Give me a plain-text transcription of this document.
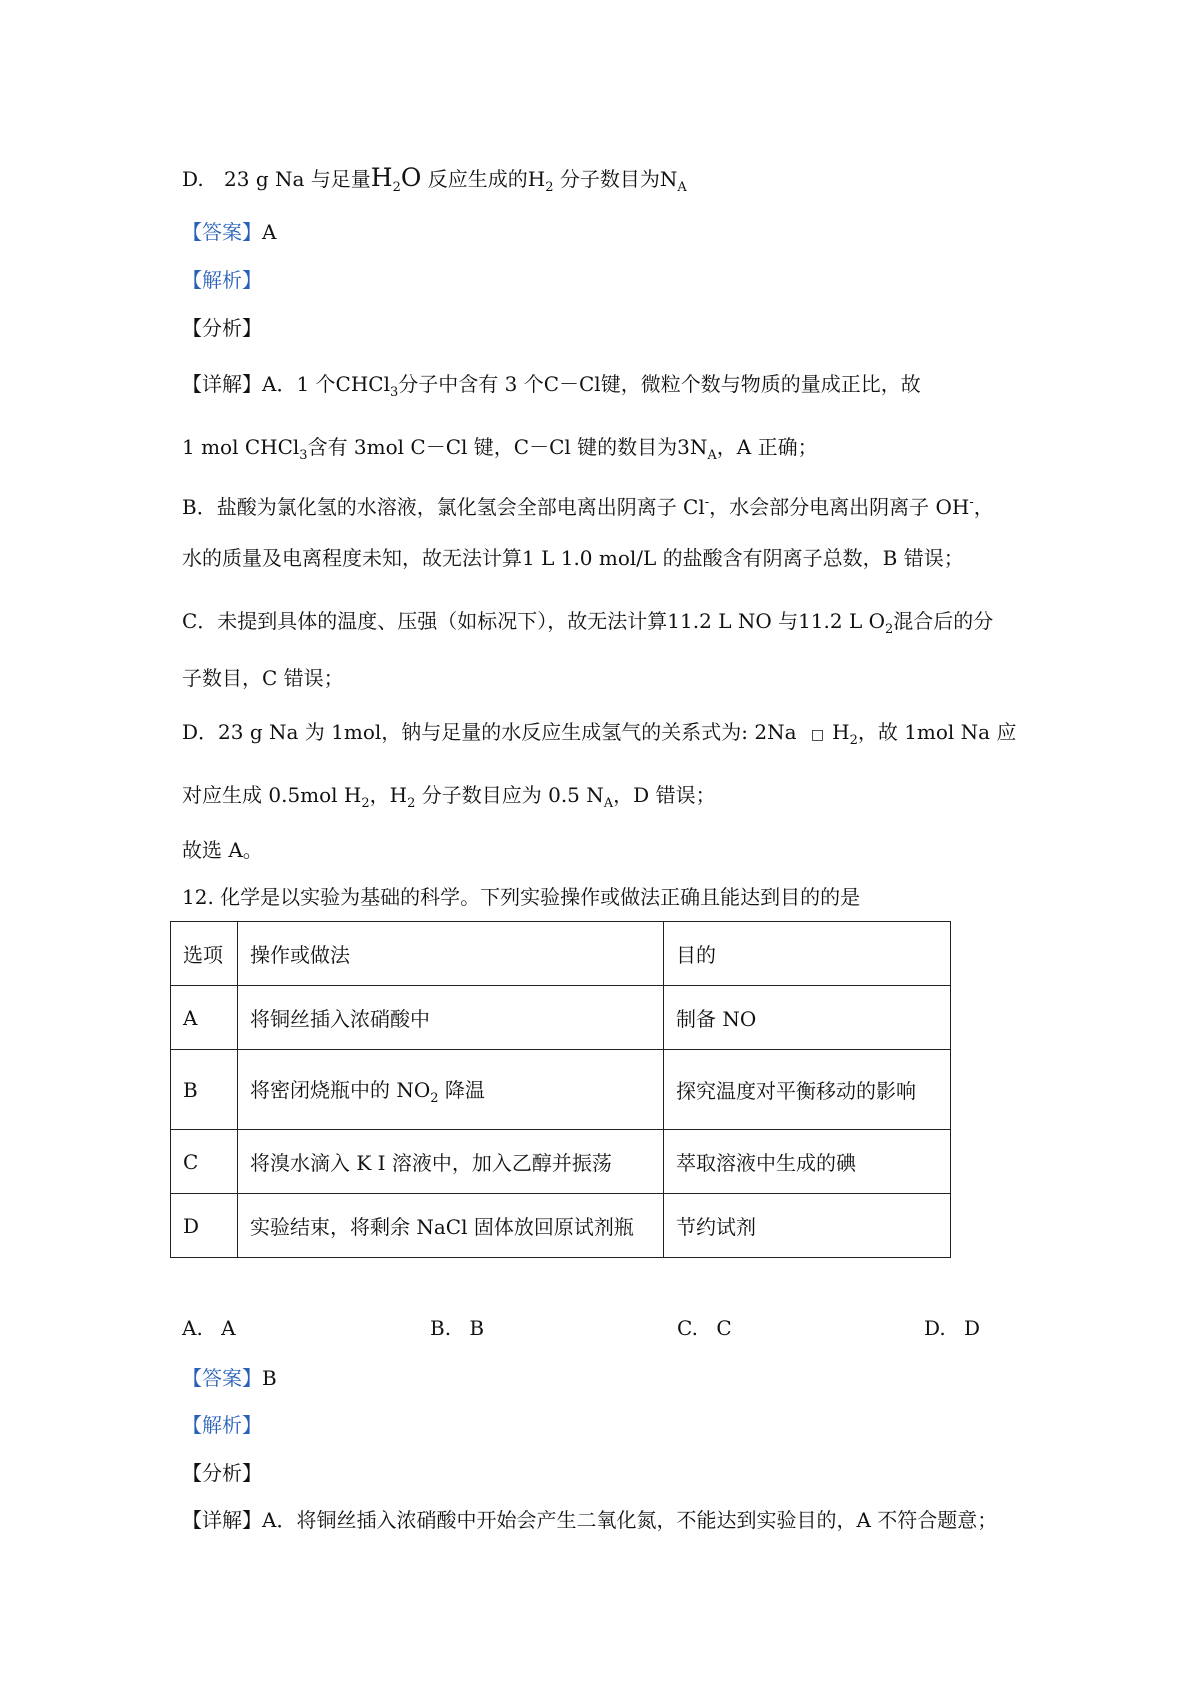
D. 23 g Na 与足量$H_2O$ 反应生成的$H_2$ 分子数目为$N_A$
【答案】A
【解析】
【分析】
【详解】A．1 个CHCl$_3$分子中含有 3 个C－Cl键，微粒个数与物质的量成正比，故
1 mol CHCl$_3$含有 3mol C－Cl 键，C－Cl 键的数目为$3N_A$，A 正确；
B．盐酸为氯化氢的水溶液，氯化氢会全部电离出阴离子 Cl-，水会部分电离出阴离子 OH-，
水的质量及电离程度未知，故无法计算1 L 1.0 mol/L 的盐酸含有阴离子总数，B 错误；
C．未提到具体的温度、压强（如标况下），故无法计算11.2 L NO 与11.2 L $O_2$混合后的分
子数目，C 错误；
D．23 g Na 为 1mol，钠与足量的水反应生成氢气的关系式为: 2Na □ $H_2$，故 1mol Na 应
对应生成 0.5mol $H_2$，$H_2$ 分子数目应为 0.5 $N_A$，D 错误；
故选 A。
12. 化学是以实验为基础的科学。下列实验操作或做法正确且能达到目的的是
选项	操作或做法	目的
A	将铜丝插入浓硝酸中	制备 NO
B	将密闭烧瓶中的 $NO_2$ 降温	探究温度对平衡移动的影响
C	将溴水滴入 K I 溶液中，加入乙醇并振荡	萃取溶液中生成的碘
D	实验结束，将剩余 NaCl 固体放回原试剂瓶	节约试剂
A. A	B. B	C. C	D. D
【答案】B
【解析】
【分析】
【详解】A．将铜丝插入浓硝酸中开始会产生二氧化氮，不能达到实验目的，A 不符合题意；
